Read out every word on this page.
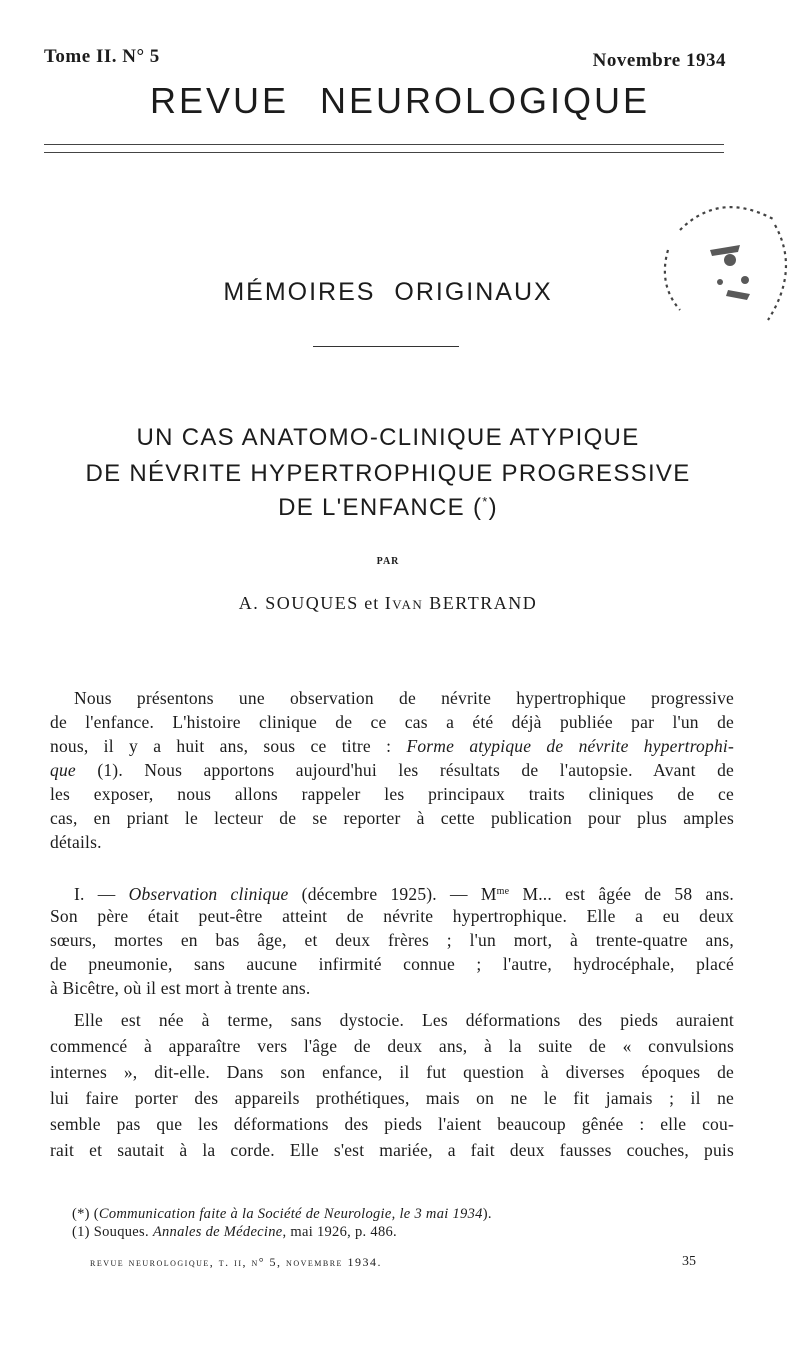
Tome II. N° 5	Novembre 1934
REVUE NEUROLOGIQUE
MÉMOIRES ORIGINAUX
UN CAS ANATOMO-CLINIQUE ATYPIQUE
DE NÉVRITE HYPERTROPHIQUE PROGRESSIVE
DE L'ENFANCE (*)
PAR
A. SOUQUES et Ivan BERTRAND
Nous présentons une observation de névrite hypertrophique progressive
de l'enfance. L'histoire clinique de ce cas a été déjà publiée par l'un de
nous, il y a huit ans, sous ce titre : Forme atypique de névrite hypertrophi-
que (1). Nous apportons aujourd'hui les résultats de l'autopsie. Avant de
les exposer, nous allons rappeler les principaux traits cliniques de ce
cas, en priant le lecteur de se reporter à cette publication pour plus amples
détails.
I. — Observation clinique (décembre 1925). — $M^{me}$ M... est âgée de 58 ans.
Son père était peut-être atteint de névrite hypertrophique. Elle a eu deux
sœurs, mortes en bas âge, et deux frères ; l'un mort, à trente-quatre ans,
de pneumonie, sans aucune infirmité connue ; l'autre, hydrocéphale, placé
à Bicêtre, où il est mort à trente ans.
Elle est née à terme, sans dystocie. Les déformations des pieds auraient
commencé à apparaître vers l'âge de deux ans, à la suite de « convulsions
internes », dit-elle. Dans son enfance, il fut question à diverses époques de
lui faire porter des appareils prothétiques, mais on ne le fit jamais ; il ne
semble pas que les déformations des pieds l'aient beaucoup gênée : elle cou-
rait et sautait à la corde. Elle s'est mariée, a fait deux fausses couches, puis
(*) (Communication faite à la Société de Neurologie, le 3 mai 1934).
(1) Souques. Annales de Médecine, mai 1926, p. 486.
revue neurologique, t. ii, n° 5, novembre 1934.	35
